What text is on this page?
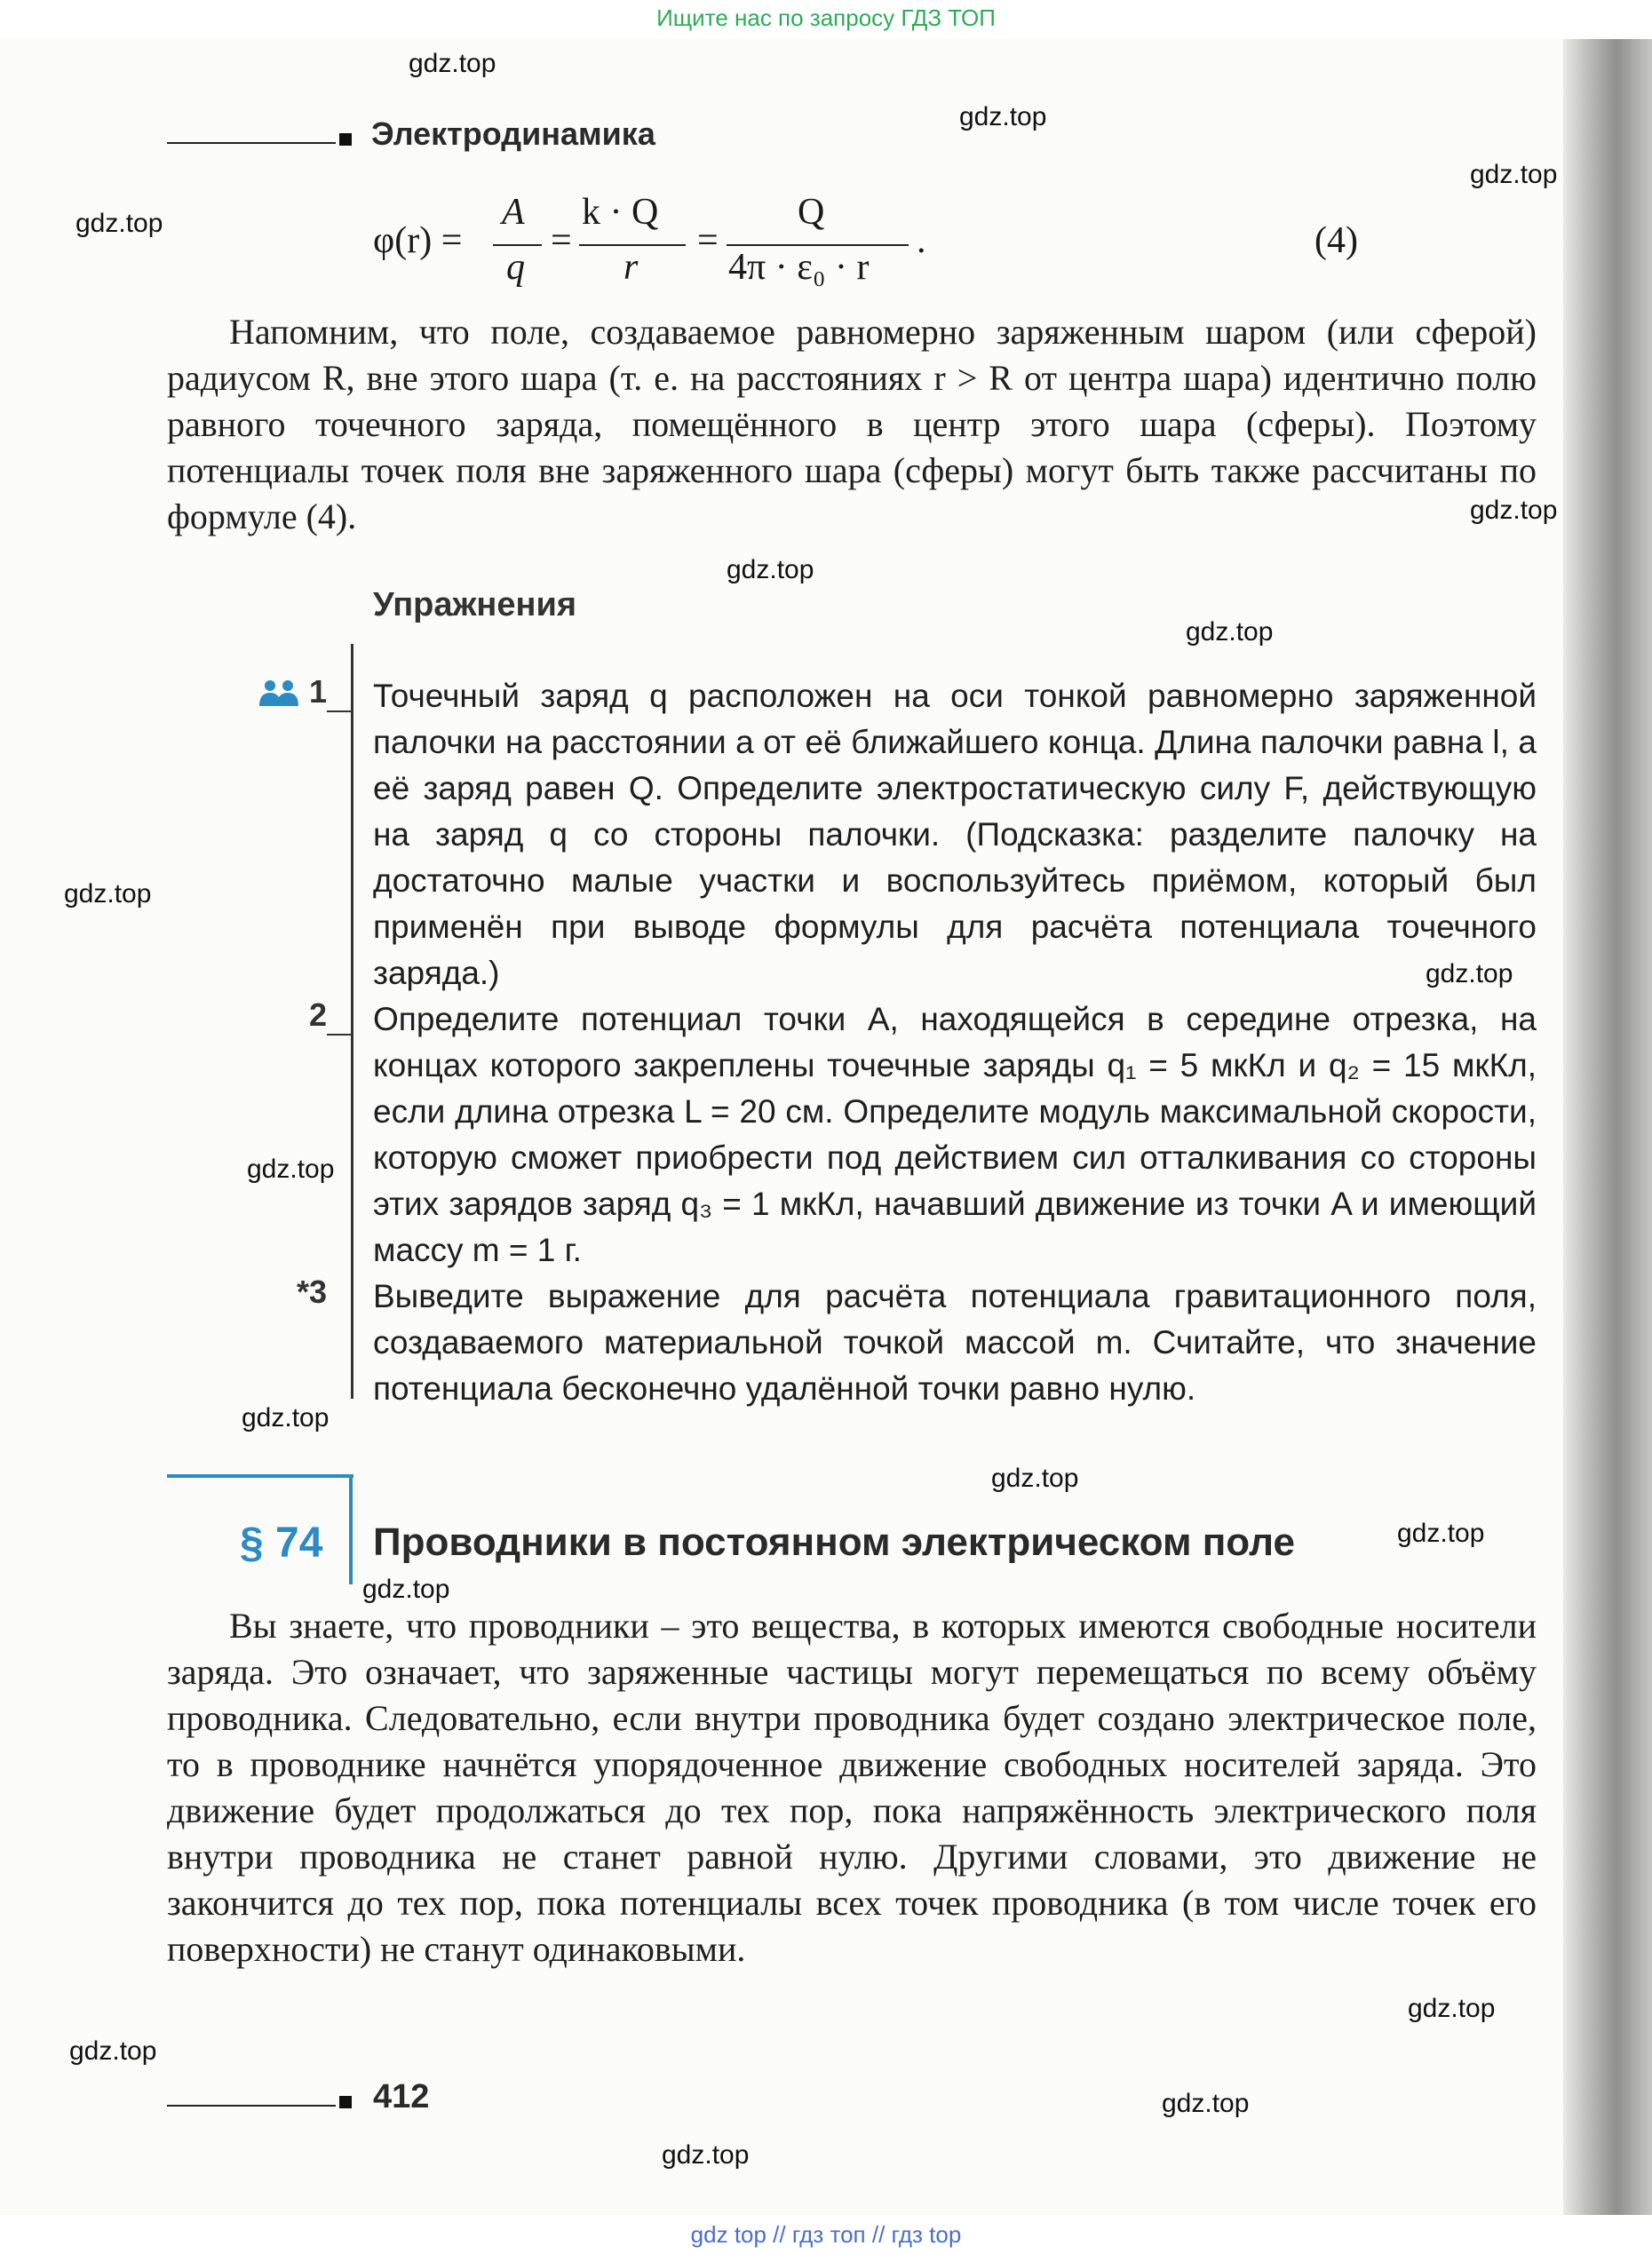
Ищите нас по запросу ГДЗ ТОП
Электродинамика
φ(r) =
A
q
=
k · Q
r
=
Q
4π · ε₀ · r
.	(4)

Напомним, что поле, создаваемое равномерно заряженным шаром (или сферой) радиусом R, вне этого шара (т. е. на расстояниях r > R от центра шара) идентично полю равного точечного заряда, помещённого в центр этого шара (сферы). Поэтому потенциалы точек поля вне заряженного шара (сферы) могут быть также рассчитаны по формуле (4).

Упражнения
1 Точечный заряд q расположен на оси тонкой равномерно заряженной палочки на расстоянии a от её ближайшего конца. Длина палочки равна l, а её заряд равен Q. Определите электростатическую силу F, действующую на заряд q со стороны палочки. (Подсказка: разделите палочку на достаточно малые участки и воспользуйтесь приёмом, который был применён при выводе формулы для расчёта потенциала точечного заряда.)

2 Определите потенциал точки A, находящейся в середине отрезка, на концах которого закреплены точечные заряды q₁ = 5 мкКл и q₂ = 15 мкКл, если длина отрезка L = 20 см. Определите модуль максимальной скорости, которую сможет приобрести под действием сил отталкивания со стороны этих зарядов заряд q₃ = 1 мкКл, начавший движение из точки A и имеющий массу m = 1 г.

*3 Выведите выражение для расчёта потенциала гравитационного поля, создаваемого материальной точкой массой m. Считайте, что значение потенциала бесконечно удалённой точки равно нулю.

§ 74 Проводники в постоянном электрическом поле

Вы знаете, что проводники – это вещества, в которых имеются свободные носители заряда. Это означает, что заряженные частицы могут перемещаться по всему объёму проводника. Следовательно, если внутри проводника будет создано электрическое поле, то в проводнике начнётся упорядоченное движение свободных носителей заряда. Это движение будет продолжаться до тех пор, пока напряжённость электрического поля внутри проводника не станет равной нулю. Другими словами, это движение не закончится до тех пор, пока потенциалы всех точек проводника (в том числе точек его поверхности) не станут одинаковыми.

412
gdz.top
gdz.top
gdz.top
gdz.top
gdz.top
gdz.top
gdz.top
gdz.top
gdz.top
gdz.top
gdz.top
gdz.top
gdz.top
gdz.top
gdz.top
gdz.top
gdz.top
gdz.top
gdz top // гдз топ // гдз top
